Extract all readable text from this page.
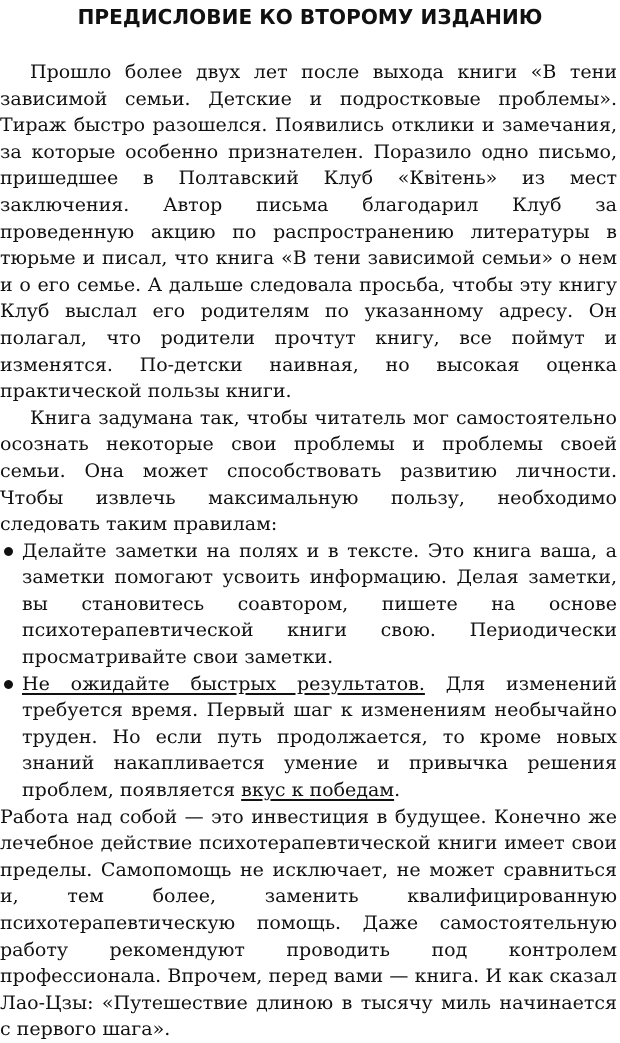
ПРЕДИСЛОВИЕ КО ВТОРОМУ ИЗДАНИЮ

Прошло более двух лет после выхода книги «В тени зависимой семьи. Детские и подростковые проблемы». Тираж быстро разошелся. Появились отклики и замечания, за которые особенно признателен. Поразило одно письмо, пришедшее в Полтавский Клуб «Квітень» из мест заключения. Автор письма благодарил Клуб за проведенную акцию по распространению литературы в тюрьме и писал, что книга «В тени зависимой семьи» о нем и о его семье. А дальше следовала просьба, чтобы эту книгу Клуб выслал его родителям по указанному адресу. Он полагал, что родители прочтут книгу, все поймут и изменятся. По-детски наивная, но высокая оценка практической пользы книги.

Книга задумана так, чтобы читатель мог самостоятельно осознать некоторые свои проблемы и проблемы своей семьи. Она может способствовать развитию личности. Чтобы извлечь максимальную пользу, необходимо следовать таким правилам:

Делайте заметки на полях и в тексте. Это книга ваша, а заметки помогают усвоить информацию. Делая заметки, вы становитесь соавтором, пишете на основе психотерапевтической книги свою. Периодически просматривайте свои заметки.

Не ожидайте быстрых результатов. Для изменений требуется время. Первый шаг к изменениям необычайно труден. Но если путь продолжается, то кроме новых знаний накапливается умение и привычка решения проблем, появляется вкус к победам.

Работа над собой — это инвестиция в будущее. Конечно же лечебное действие психотерапевтической книги имеет свои пределы. Самопомощь не исключает, не может сравниться и, тем более, заменить квалифицированную психотерапевтическую помощь. Даже самостоятельную работу рекомендуют проводить под контролем профессионала. Впрочем, перед вами — книга. И как сказал Лао-Цзы: «Путешествие длиною в тысячу миль начинается с первого шага».
